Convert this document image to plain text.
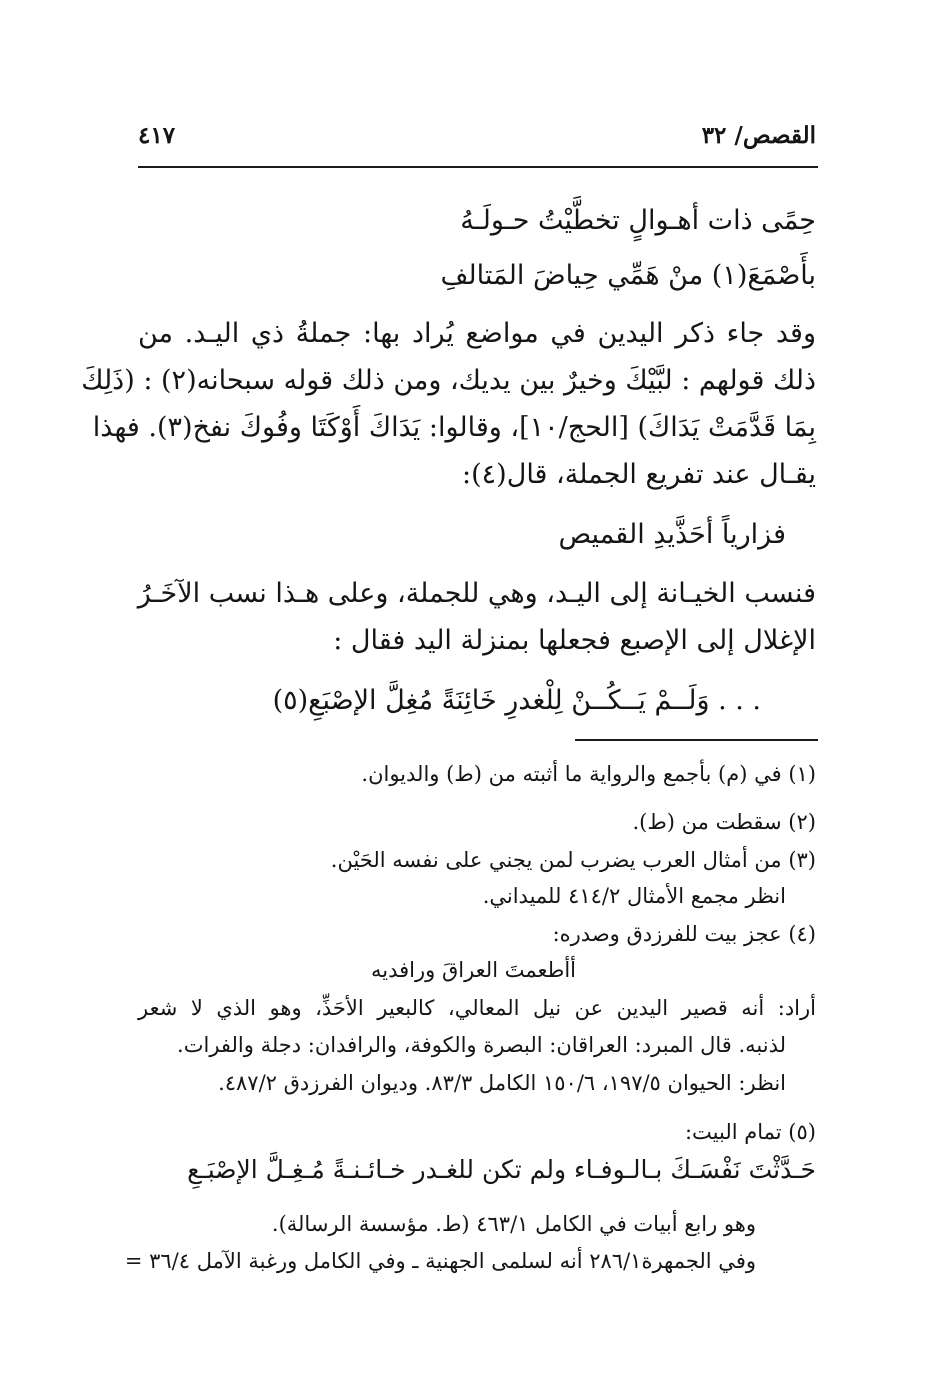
القصص/ ٣٢
٤١٧
حِمًى ذات أهـوالٍ تخطَّيْتُ حـولَـهُ
بأَصْمَعَ(١) منْ هَمِّي حِياضَ المَتالفِ
وقد جاء ذكر اليدين في مواضع يُراد بها: جملةُ ذي اليـد. من
ذلك قولهم : لبَّيْكَ وخيرٌ بين يديك، ومن ذلك قوله سبحانه(٢) : (ذَلِكَ
بِمَا قَدَّمَتْ يَدَاكَ) [الحج/١٠]، وقالوا: يَدَاكَ أَوْكَتَا وفُوكَ نفخ(٣). فهذا
يقـال عند تفريع الجملة، قال(٤):
فزارياً أحَذَّيدِ القميص
فنسب الخيـانة إلى اليـد، وهي للجملة، وعلى هـذا نسب الآخَـرُ
الإغلال إلى الإصبع فجعلها بمنزلة اليد فقال :
. . . وَلَــمْ يَــكُــنْ لِلْغدرِ خَائِنَةً مُغِلَّ الإصْبَعِ(٥)
(١) في (م) بأجمع والرواية ما أثبته من (ط) والديوان.
(٢) سقطت من (ط).
(٣) من أمثال العرب يضرب لمن يجني على نفسه الحَيْن.
انظر مجمع الأمثال ٤١٤/٢ للميداني.
(٤) عجز بيت للفرزدق وصدره:
أأطعمتَ العراقَ ورافديه
أراد: أنه قصير اليدين عن نيل المعالي، كالبعير الأحَذِّ، وهو الذي لا شعر
لذنبه. قال المبرد: العراقان: البصرة والكوفة، والرافدان: دجلة والفرات.
انظر: الحيوان ١٩٧/٥، ١٥٠/٦ الكامل ٨٣/٣. وديوان الفرزدق ٤٨٧/٢.
(٥) تمام البيت:
حَـدَّثْتَ نَفْسَـكَ بـالـوفـاء ولم تكن للغـدر خـائـنـةً مُـغِـلَّ الإصْبَـعِ
وهو رابع أبيات في الكامل ٤٦٣/١ (ط. مؤسسة الرسالة).
وفي الجمهرة٢٨٦/١ أنه لسلمى الجهنية ـ وفي الكامل ورغبة الآمل ٣٦/٤ =
